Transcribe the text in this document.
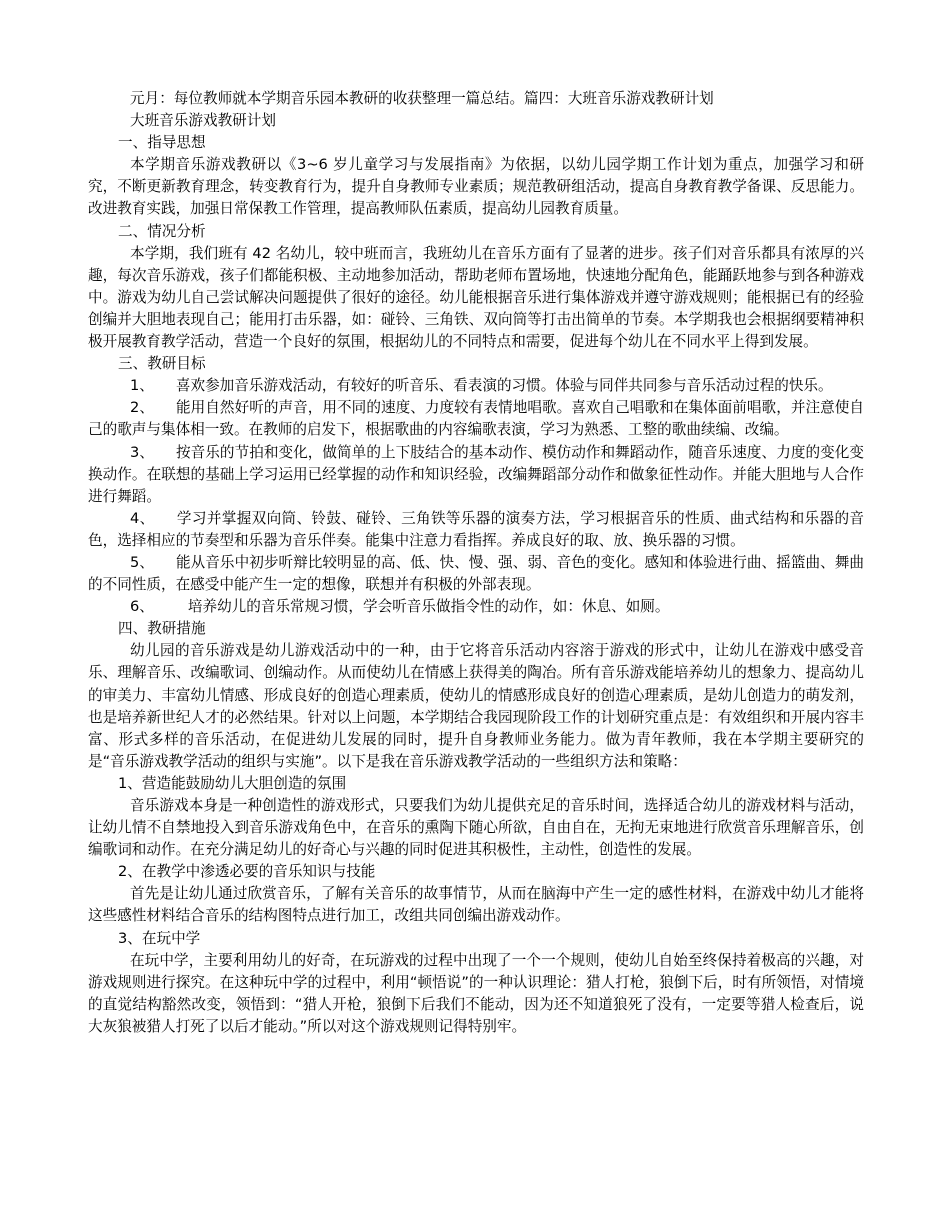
元月：每位教师就本学期音乐园本教研的收获整理一篇总结。篇四：大班音乐游戏教研计划
大班音乐游戏教研计划
一、指导思想
本学期音乐游戏教研以《3~6 岁儿童学习与发展指南》为依据，以幼儿园学期工作计划为重点，加强学习和研究，不断更新教育理念，转变教育行为，提升自身教师专业素质；规范教研组活动，提高自身教育教学备课、反思能力。改进教育实践，加强日常保教工作管理，提高教师队伍素质，提高幼儿园教育质量。
二、情况分析
本学期，我们班有 42 名幼儿，较中班而言，我班幼儿在音乐方面有了显著的进步。孩子们对音乐都具有浓厚的兴趣，每次音乐游戏，孩子们都能积极、主动地参加活动，帮助老师布置场地，快速地分配角色，能踊跃地参与到各种游戏中。游戏为幼儿自己尝试解决问题提供了很好的途径。幼儿能根据音乐进行集体游戏并遵守游戏规则；能根据已有的经验创编并大胆地表现自己；能用打击乐器，如：碰铃、三角铁、双向筒等打击出简单的节奏。本学期我也会根据纲要精神积极开展教育教学活动，营造一个良好的氛围，根据幼儿的不同特点和需要，促进每个幼儿在不同水平上得到发展。
三、教研目标
1、 喜欢参加音乐游戏活动，有较好的听音乐、看表演的习惯。体验与同伴共同参与音乐活动过程的快乐。
2、 能用自然好听的声音，用不同的速度、力度较有表情地唱歌。喜欢自己唱歌和在集体面前唱歌，并注意使自己的歌声与集体相一致。在教师的启发下，根据歌曲的内容编歌表演，学习为熟悉、工整的歌曲续编、改编。
3、 按音乐的节拍和变化，做简单的上下肢结合的基本动作、模仿动作和舞蹈动作，随音乐速度、力度的变化变换动作。在联想的基础上学习运用已经掌握的动作和知识经验，改编舞蹈部分动作和做象征性动作。并能大胆地与人合作进行舞蹈。
4、 学习并掌握双向筒、铃鼓、碰铃、三角铁等乐器的演奏方法，学习根据音乐的性质、曲式结构和乐器的音色，选择相应的节奏型和乐器为音乐伴奏。能集中注意力看指挥。养成良好的取、放、换乐器的习惯。
5、 能从音乐中初步听辩比较明显的高、低、快、慢、强、弱、音色的变化。感知和体验进行曲、摇篮曲、舞曲的不同性质，在感受中能产生一定的想像，联想并有积极的外部表现。
6、 培养幼儿的音乐常规习惯，学会听音乐做指令性的动作，如：休息、如厕。
四、教研措施
幼儿园的音乐游戏是幼儿游戏活动中的一种，由于它将音乐活动内容溶于游戏的形式中，让幼儿在游戏中感受音乐、理解音乐、改编歌词、创编动作。从而使幼儿在情感上获得美的陶冶。所有音乐游戏能培养幼儿的想象力、提高幼儿的审美力、丰富幼儿情感、形成良好的创造心理素质，使幼儿的情感形成良好的创造心理素质，是幼儿创造力的萌发剂，也是培养新世纪人才的必然结果。针对以上问题，本学期结合我园现阶段工作的计划研究重点是：有效组织和开展内容丰富、形式多样的音乐活动，在促进幼儿发展的同时，提升自身教师业务能力。做为青年教师，我在本学期主要研究的是“音乐游戏教学活动的组织与实施”。以下是我在音乐游戏教学活动的一些组织方法和策略：
1、营造能鼓励幼儿大胆创造的氛围
音乐游戏本身是一种创造性的游戏形式，只要我们为幼儿提供充足的音乐时间，选择适合幼儿的游戏材料与活动，让幼儿情不自禁地投入到音乐游戏角色中，在音乐的熏陶下随心所欲，自由自在，无拘无束地进行欣赏音乐理解音乐，创编歌词和动作。在充分满足幼儿的好奇心与兴趣的同时促进其积极性，主动性，创造性的发展。
2、在教学中渗透必要的音乐知识与技能
首先是让幼儿通过欣赏音乐，了解有关音乐的故事情节，从而在脑海中产生一定的感性材料，在游戏中幼儿才能将这些感性材料结合音乐的结构图特点进行加工，改组共同创编出游戏动作。
3、在玩中学
在玩中学，主要利用幼儿的好奇，在玩游戏的过程中出现了一个一个规则，使幼儿自始至终保持着极高的兴趣，对游戏规则进行探究。在这种玩中学的过程中，利用“顿悟说”的一种认识理论：猎人打枪，狼倒下后，时有所领悟，对情境的直觉结构豁然改变，领悟到：“猎人开枪，狼倒下后我们不能动，因为还不知道狼死了没有，一定要等猎人检查后，说大灰狼被猎人打死了以后才能动。”所以对这个游戏规则记得特别牢。
